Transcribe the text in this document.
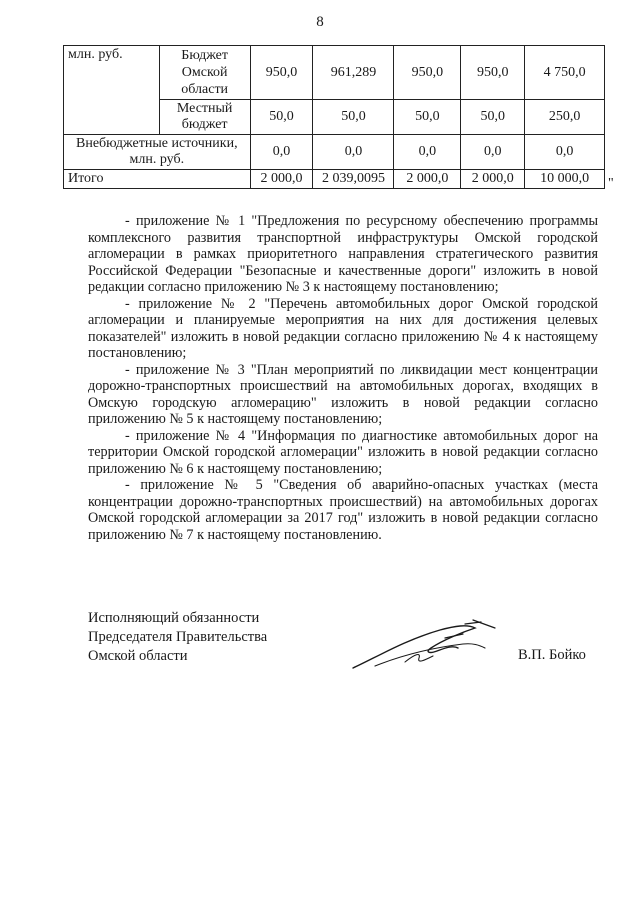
8
млн. руб.	Бюджет Омской области	950,0	961,289	950,0	950,0	4 750,0
	Местный бюджет	50,0	50,0	50,0	50,0	250,0
Внебюджетные источники, млн. руб.		0,0	0,0	0,0	0,0	0,0
Итого		2 000,0	2 039,0095	2 000,0	2 000,0	10 000,0 "

- приложение № 1 "Предложения по ресурсному обеспечению программы комплексного развития транспортной инфраструктуры Омской городской агломерации в рамках приоритетного направления стратегического развития Российской Федерации "Безопасные и качественные дороги" изложить в новой редакции согласно приложению № 3 к настоящему постановлению;

- приложение № 2 "Перечень автомобильных дорог Омской городской агломерации и планируемые мероприятия на них для достижения целевых показателей" изложить в новой редакции согласно приложению № 4 к настоящему постановлению;

- приложение № 3 "План мероприятий по ликвидации мест концентрации дорожно-транспортных происшествий на автомобильных дорогах, входящих в Омскую городскую агломерацию" изложить в новой редакции согласно приложению № 5 к настоящему постановлению;

- приложение № 4 "Информация по диагностике автомобильных дорог на территории Омской городской агломерации" изложить в новой редакции согласно приложению № 6 к настоящему постановлению;

- приложение № 5 "Сведения об аварийно-опасных участках (места концентрации дорожно-транспортных происшествий) на автомобильных дорогах Омской городской агломерации за 2017 год" изложить в новой редакции согласно приложению № 7 к настоящему постановлению.

Исполняющий обязанности
Председателя Правительства
Омской области	В.П. Бойко
